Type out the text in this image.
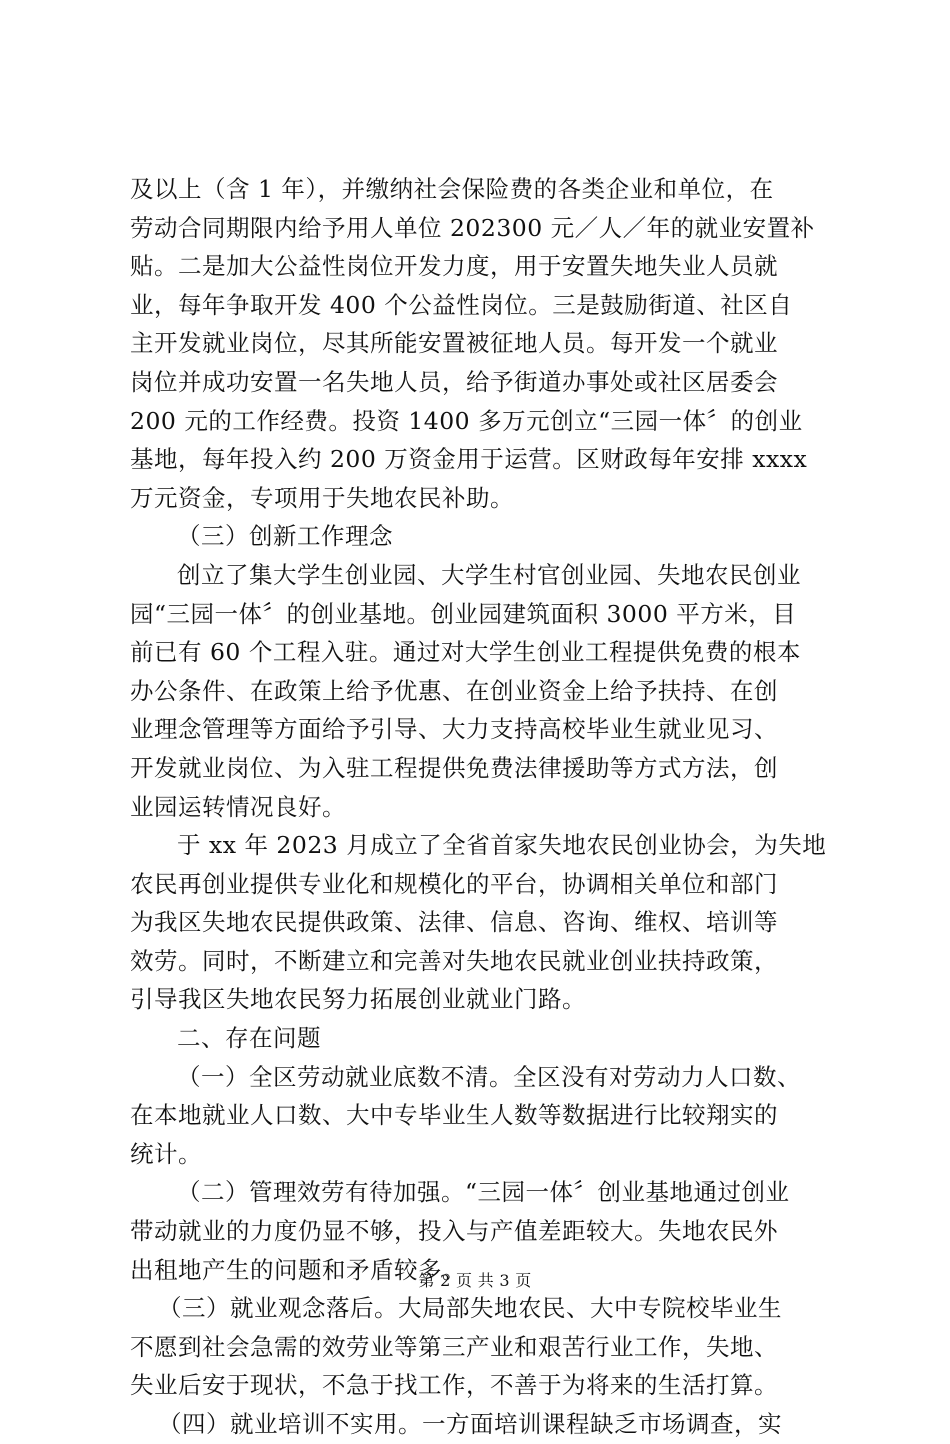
及以上（含 1 年），并缴纳社会保险费的各类企业和单位，在
劳动合同期限内给予用人单位 202300 元／人／年的就业安置补
贴。二是加大公益性岗位开发力度，用于安置失地失业人员就
业，每年争取开发 400 个公益性岗位。三是鼓励街道、社区自
主开发就业岗位，尽其所能安置被征地人员。每开发一个就业
岗位并成功安置一名失地人员，给予街道办事处或社区居委会
200 元的工作经费。投资 1400 多万元创立“三园一体〞的创业
基地，每年投入约 200 万资金用于运营。区财政每年安排 xxxx
万元资金，专项用于失地农民补助。
（三）创新工作理念
创立了集大学生创业园、大学生村官创业园、失地农民创业
园“三园一体〞的创业基地。创业园建筑面积 3000 平方米，目
前已有 60 个工程入驻。通过对大学生创业工程提供免费的根本
办公条件、在政策上给予优惠、在创业资金上给予扶持、在创
业理念管理等方面给予引导、大力支持高校毕业生就业见习、
开发就业岗位、为入驻工程提供免费法律援助等方式方法，创
业园运转情况良好。
于 xx 年 2023 月成立了全省首家失地农民创业协会，为失地
农民再创业提供专业化和规模化的平台，协调相关单位和部门
为我区失地农民提供政策、法律、信息、咨询、维权、培训等
效劳。同时，不断建立和完善对失地农民就业创业扶持政策，
引导我区失地农民努力拓展创业就业门路。
二、存在问题
（一）全区劳动就业底数不清。全区没有对劳动力人口数、
在本地就业人口数、大中专毕业生人数等数据进行比较翔实的
统计。
（二）管理效劳有待加强。“三园一体〞创业基地通过创业
带动就业的力度仍显不够，投入与产值差距较大。失地农民外
出租地产生的问题和矛盾较多。
（三）就业观念落后。大局部失地农民、大中专院校毕业生
不愿到社会急需的效劳业等第三产业和艰苦行业工作，失地、
失业后安于现状，不急于找工作，不善于为将来的生活打算。
（四）就业培训不实用。一方面培训课程缺乏市场调查，实
第 2 页 共 3 页
